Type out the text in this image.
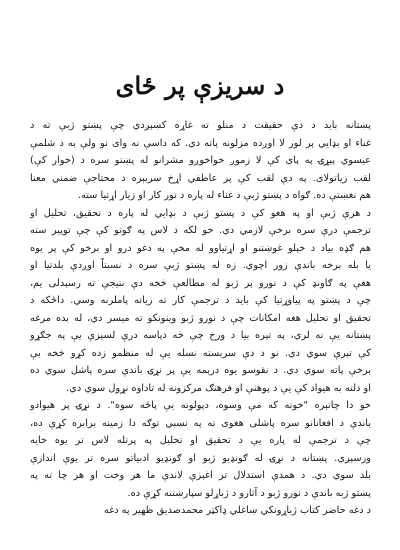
د سريزې پر ځای
پښتانه بايد د دې حقيقت د منلو ته غاړه کښېږدي چې پښتو ژبې ته د
غناء او بډايي پر لور لا اوږده مزلونه پاته دي. که داسې نه وای نو ولې به د شلمې
عيسوي پېړۍ په پای کې لا زموږ خواخوږو مشرانو له پښتو سره د (خوار کې)
لقب زياتولای. په دې لقب کې پر عاطفي اړخ سربېره د محتاجې ضمني معنا
هم نغښتې ده. ګواه د پښتو ژبې د غناء له پاره د نور کار او زيار اړتيا سته.
د هرې ژبې او په هغو کې د پښتو ژبې د بډايي له پاره د تحقيق، تحليل او
ترجمې درې سره برخې لازمي دي. خو لکه د لاس په ګوتو کې چې توپير سته
هم ګډه بياد د خپلو غوښتنو او اړتياوو له مخې په دغو درو او برخو کې پر يوه
يا بله برخه باندې زور اچوي. زه له پښتو ژبې سره د نسبتاً اوږدې بلدتيا او
هغې په ګاونډ کې د نورو پر ژبو له مطالعې څخه دې نتيجې ته رسېدلی يم،
چې د پښتو په پياوړتيا کې بايد د ترجمې کار ته زياته پاملرنه وسي. داځکه د
تحقيق او تحليل هغه امکانات چې د نورو ژبو وينونکو ته ميسر دي، له بده مرغه
پښتانه يې نه لري، په تېره بيا د ورخ چې څه دپاسه درې لسيزې يې په جګړو
کې تېرې سوي دي. نو د دې سربسته نسله يې له منظمو زده کړو څخه بې
برخې پاته سوي دي. د نقوسو يوه درېمه يې پر نړۍ باندې سره پاشل سوي ده
او دلته به هيواد کې يې د پوهنې او فرهنګ مرکزونه له تاداوه نړول سوي دي.
خو دا چاتېره "خونه که مې وسوه، دپولونه يې پاځه سوه". د نړۍ پر هيوادو
باندې د افغانانو سره پاشلی هغوی ته په نسبي توګه دا زمينه برابره کړې ده،
چې د ترجمې له پاره يې د تحقيق او تحليل په پرتله لاس تر يوه خايه
ورسېږي. پښتانه د نړۍ له ګونډيو ژبو او ګونډيو ادبياتو سره تر يوې اندازې
بلد سوي دي. د همدې استدلال تر اغېزې لاندې ما هر وخت او هر چا ته په
پښتو ژبه باندې د نورو ژبو د آثارو د ژباړلو سپارښتنه کړې ده.
د دغه حاضر کتاب ژباړونکي ښاغلي ډاکټر محمدصديق ظهير په دغه
